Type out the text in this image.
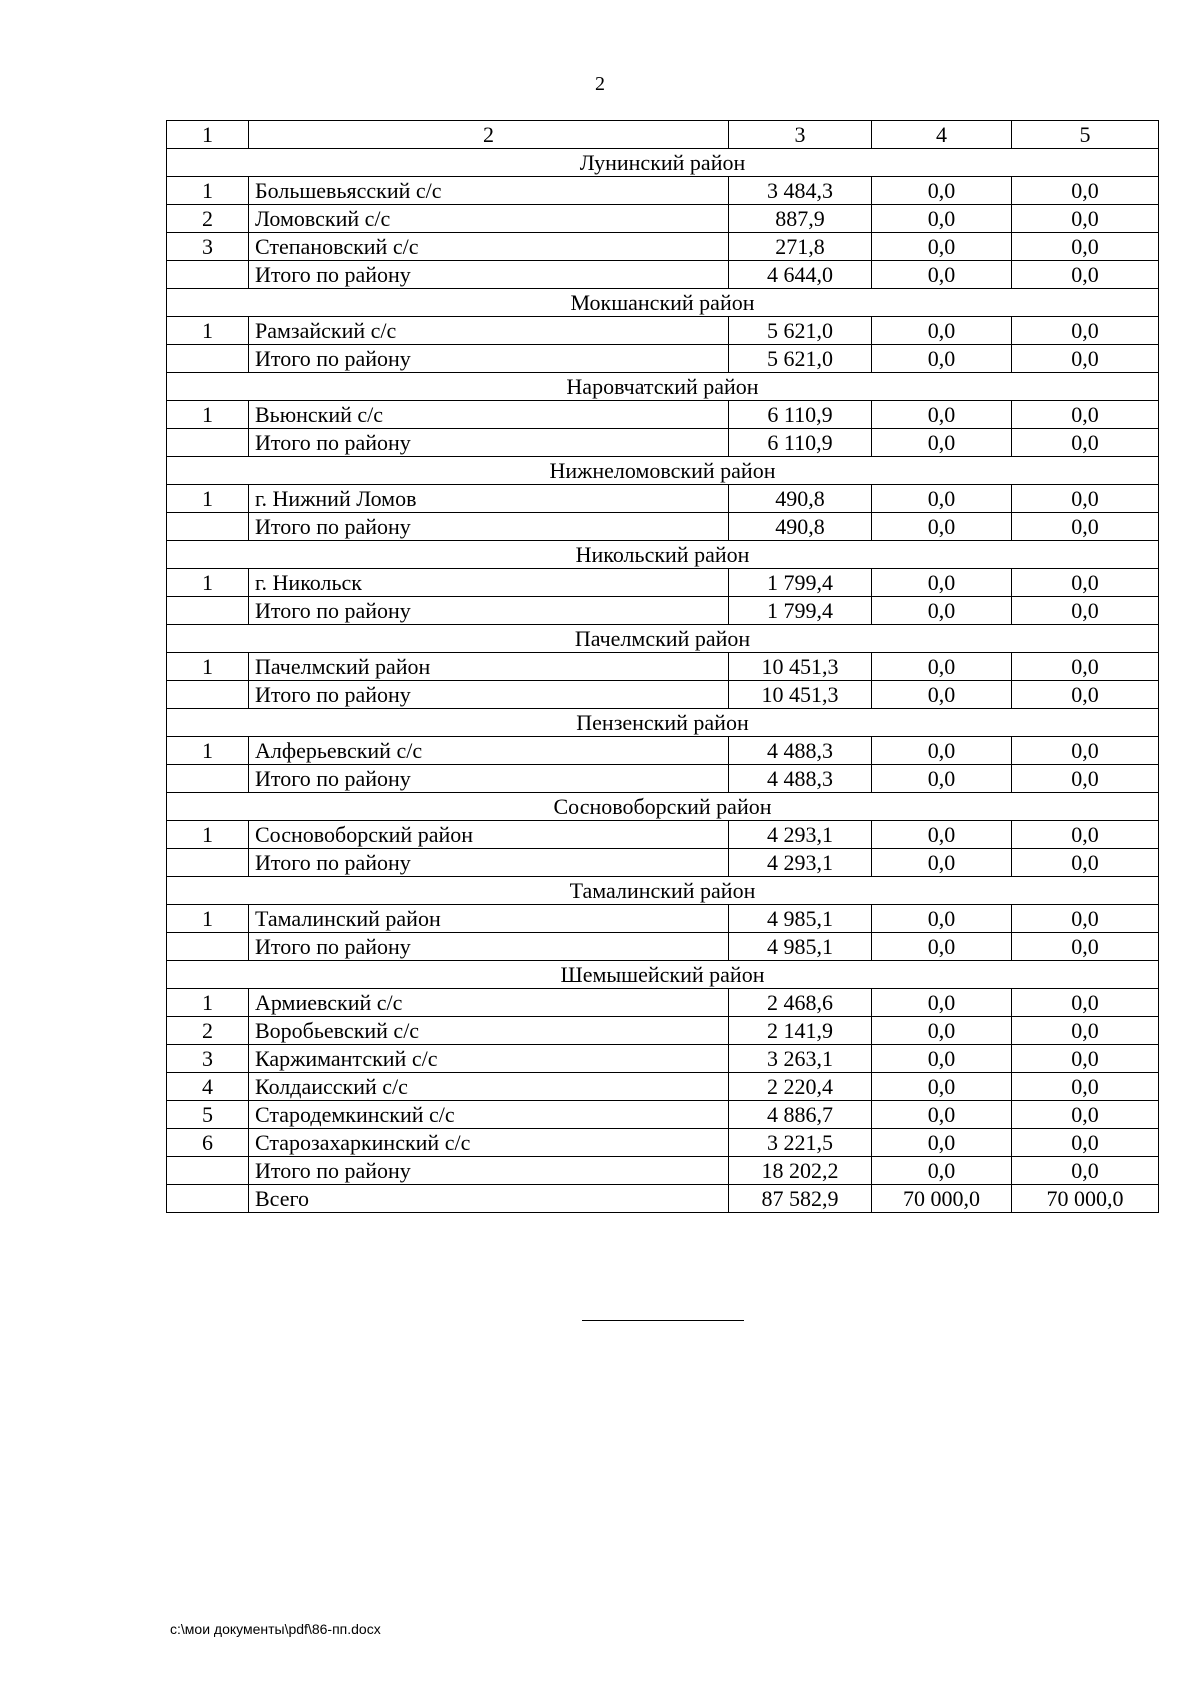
2
1	2	3	4	5
Лунинский район				
1	Большевьясский с/с	3 484,3	0,0	0,0
2	Ломовский с/с	887,9	0,0	0,0
3	Степановский с/с	271,8	0,0	0,0
	Итого по району	4 644,0	0,0	0,0
Мокшанский район				
1	Рамзайский с/с	5 621,0	0,0	0,0
	Итого по району	5 621,0	0,0	0,0
Наровчатский район				
1	Вьюнский с/с	6 110,9	0,0	0,0
	Итого по району	6 110,9	0,0	0,0
Нижнеломовский район				
1	г. Нижний Ломов	490,8	0,0	0,0
	Итого по району	490,8	0,0	0,0
Никольский район				
1	г. Никольск	1 799,4	0,0	0,0
	Итого по району	1 799,4	0,0	0,0
Пачелмский район				
1	Пачелмский район	10 451,3	0,0	0,0
	Итого по району	10 451,3	0,0	0,0
Пензенский район				
1	Алферьевский с/с	4 488,3	0,0	0,0
	Итого по району	4 488,3	0,0	0,0
Сосновоборский район				
1	Сосновоборский район	4 293,1	0,0	0,0
	Итого по району	4 293,1	0,0	0,0
Тамалинский район				
1	Тамалинский район	4 985,1	0,0	0,0
	Итого по району	4 985,1	0,0	0,0
Шемышейский район				
1	Армиевский с/с	2 468,6	0,0	0,0
2	Воробьевский с/с	2 141,9	0,0	0,0
3	Каржимантский с/с	3 263,1	0,0	0,0
4	Колдаисский с/с	2 220,4	0,0	0,0
5	Стародемкинский с/с	4 886,7	0,0	0,0
6	Старозахаркинский с/с	3 221,5	0,0	0,0
	Итого по району	18 202,2	0,0	0,0
	Всего	87 582,9	70 000,0	70 000,0
c:\мои документы\pdf\86-пп.docx
